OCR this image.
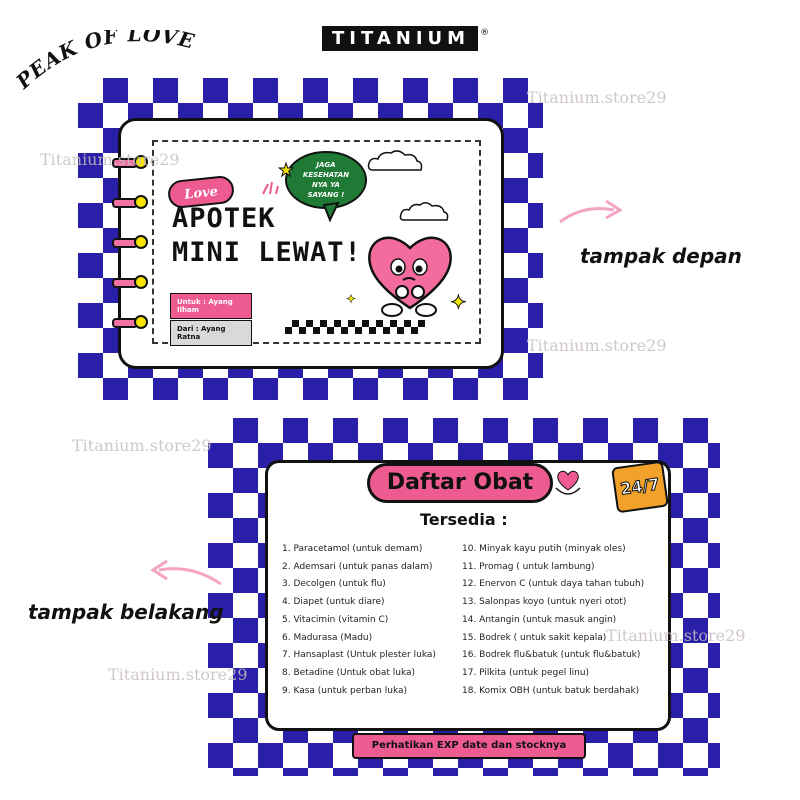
PEAK OF LOVE	TITANIUM ®
Love
APOTEK
MINI LEWAT!
JAGA KESEHATAN NYA YA SAYANG !
★
✦
✦
Untuk : Ayang Ilham
Dari : Ayang Ratna
tampak depan
Daftar Obat	24/7
Tersedia :
1. Paracetamol (untuk demam)
2. Ademsari (untuk panas dalam)
3. Decolgen (untuk flu)
4. Diapet (untuk diare)
5. Vitacimin (vitamin C)
6. Madurasa (Madu)
7. Hansaplast (Untuk plester luka)
8. Betadine (Untuk obat luka)
9. Kasa (untuk perban luka)
10. Minyak kayu putih (minyak oles)
11. Promag ( untuk lambung)
12. Enervon C (untuk daya tahan tubuh)
13. Salonpas koyo (untuk nyeri otot)
14. Antangin (untuk masuk angin)
15. Bodrek ( untuk sakit kepala)
16. Bodrek flu&batuk (untuk flu&batuk)
17. Pilkita (untuk pegel linu)
18. Komix OBH (untuk batuk berdahak)
Perhatikan EXP date dan stocknya
tampak belakang
Titanium.store29
Titanium.store29
Titanium.store29
Titanium.store29
Titanium.store29
Titanium.store29
